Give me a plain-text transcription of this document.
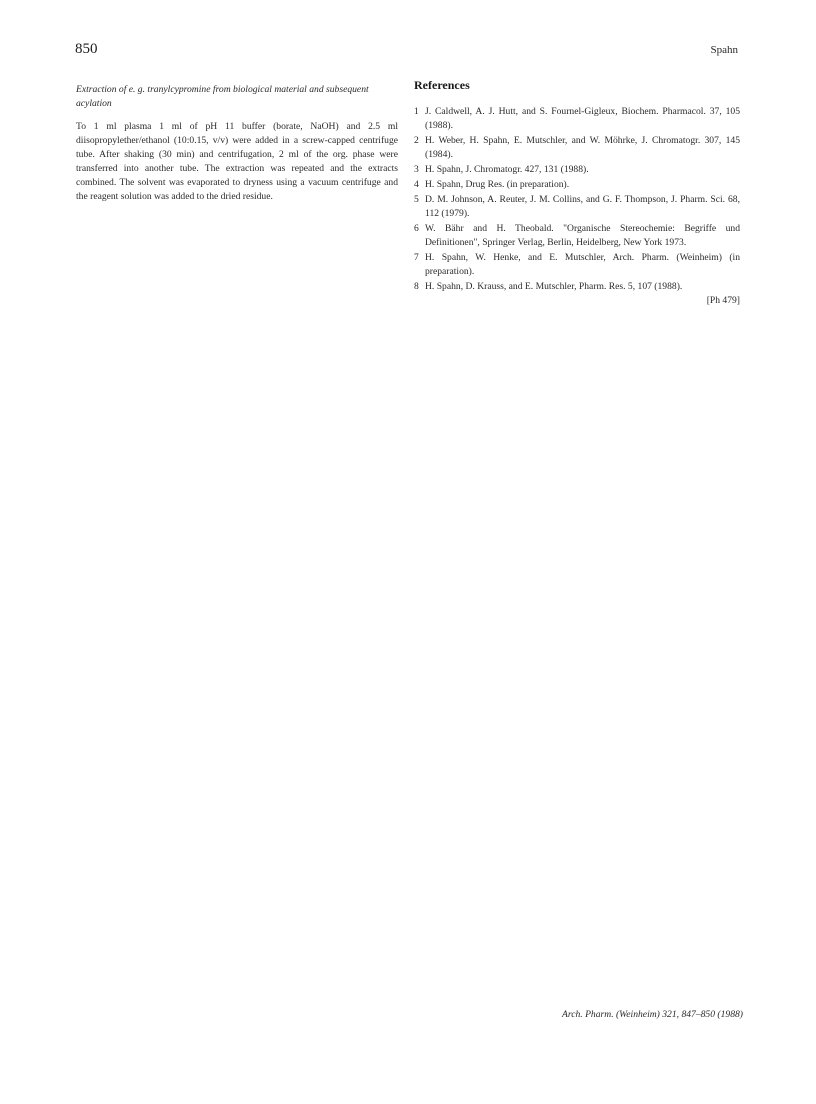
850	Spahn

Extraction of e. g. tranylcypromine from biological material and subsequent acylation

To 1 ml plasma 1 ml of pH 11 buffer (borate, NaOH) and 2.5 ml diisopropylether/ethanol (10:0.15, v/v) were added in a screw-capped centrifuge tube. After shaking (30 min) and centrifugation, 2 ml of the org. phase were transferred into another tube. The extraction was repeated and the extracts combined. The solvent was evaporated to dryness using a vacuum centrifuge and the reagent solution was added to the dried residue.

References
1 J. Caldwell, A. J. Hutt, and S. Fournel-Gigleux, Biochem. Pharmacol. 37, 105 (1988).
2 H. Weber, H. Spahn, E. Mutschler, and W. Möhrke, J. Chromatogr. 307, 145 (1984).
3 H. Spahn, J. Chromatogr. 427, 131 (1988).
4 H. Spahn, Drug Res. (in preparation).
5 D. M. Johnson, A. Reuter, J. M. Collins, and G. F. Thompson, J. Pharm. Sci. 68, 112 (1979).
6 W. Bähr and H. Theobald. "Organische Stereochemie: Begriffe und Definitionen", Springer Verlag, Berlin, Heidelberg, New York 1973.
7 H. Spahn, W. Henke, and E. Mutschler, Arch. Pharm. (Weinheim) (in preparation).
8 H. Spahn, D. Krauss, and E. Mutschler, Pharm. Res. 5, 107 (1988).
[Ph 479]
Arch. Pharm. (Weinheim) 321, 847–850 (1988)
